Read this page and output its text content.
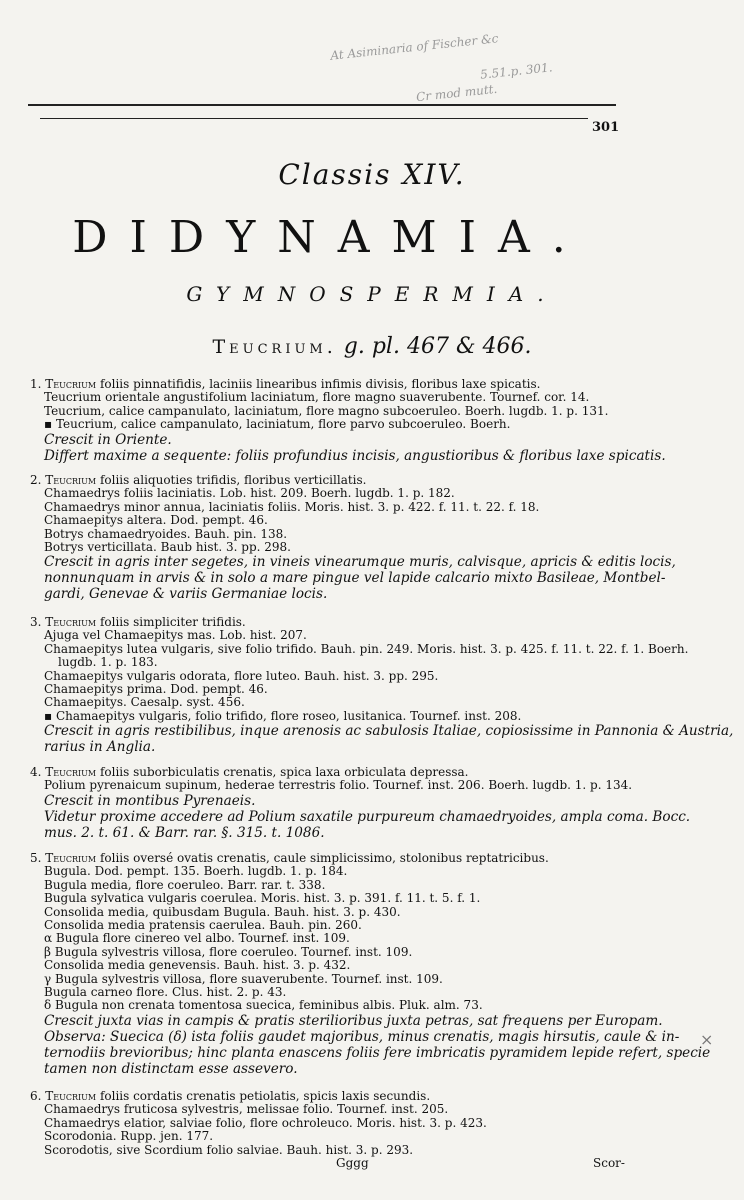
At Asiminaria of Fischer &c
5.51.p. 301.
Cr mod mutt.
301
Classis XIV.
DIDYNAMIA.
GYMNOSPERMIA.
Teucrium. g. pl. 467 & 466.
1. Teucrium foliis pinnatifidis, laciniis linearibus infimis divisis, floribus laxe spicatis.
Teucrium orientale angustifolium laciniatum, flore magno suaverubente. Tournef. cor. 14.
Teucrium, calice campanulato, laciniatum, flore magno subcoeruleo. Boerh. lugdb. 1. p. 131.
▪ Teucrium, calice campanulato, laciniatum, flore parvo subcoeruleo. Boerh.
Crescit in Oriente.
Differt maxime a sequente: foliis profundius incisis, angustioribus & floribus laxe spicatis.
2. Teucrium foliis aliquoties trifidis, floribus verticillatis.
Chamaedrys foliis laciniatis. Lob. hist. 209. Boerh. lugdb. 1. p. 182.
Chamaedrys minor annua, laciniatis foliis. Moris. hist. 3. p. 422. f. 11. t. 22. f. 18.
Chamaepitys altera. Dod. pempt. 46.
Botrys chamaedryoides. Bauh. pin. 138.
Botrys verticillata. Baub hist. 3. pp. 298.
Crescit in agris inter segetes, in vineis vinearumque muris, calvisque, apricis & editis locis,
nonnunquam in arvis & in solo a mare pingue vel lapide calcario mixto Basileae, Montbel-
gardi, Genevae & variis Germaniae locis.
3. Teucrium foliis simpliciter trifidis.
Ajuga vel Chamaepitys mas. Lob. hist. 207.
Chamaepitys lutea vulgaris, sive folio trifido. Bauh. pin. 249. Moris. hist. 3. p. 425. f. 11. t. 22. f. 1. Boerh.
lugdb. 1. p. 183.
Chamaepitys vulgaris odorata, flore luteo. Bauh. hist. 3. pp. 295.
Chamaepitys prima. Dod. pempt. 46.
Chamaepitys. Caesalp. syst. 456.
▪ Chamaepitys vulgaris, folio trifido, flore roseo, lusitanica. Tournef. inst. 208.
Crescit in agris restibilibus, inque arenosis ac sabulosis Italiae, copiosissime in Pannonia & Austria,
rarius in Anglia.
4. Teucrium foliis suborbiculatis crenatis, spica laxa orbiculata depressa.
Polium pyrenaicum supinum, hederae terrestris folio. Tournef. inst. 206. Boerh. lugdb. 1. p. 134.
Crescit in montibus Pyrenaeis.
Videtur proxime accedere ad Polium saxatile purpureum chamaedryoides, ampla coma. Bocc.
mus. 2. t. 61. & Barr. rar. §. 315. t. 1086.
5. Teucrium foliis oversé ovatis crenatis, caule simplicissimo, stolonibus reptatricibus.
Bugula. Dod. pempt. 135. Boerh. lugdb. 1. p. 184.
Bugula media, flore coeruleo. Barr. rar. t. 338.
Bugula sylvatica vulgaris coerulea. Moris. hist. 3. p. 391. f. 11. t. 5. f. 1.
Consolida media, quibusdam Bugula. Bauh. hist. 3. p. 430.
Consolida media pratensis caerulea. Bauh. pin. 260.
α Bugula flore cinereo vel albo. Tournef. inst. 109.
β Bugula sylvestris villosa, flore coeruleo. Tournef. inst. 109.
Consolida media genevensis. Bauh. hist. 3. p. 432.
γ Bugula sylvestris villosa, flore suaverubente. Tournef. inst. 109.
Bugula carneo flore. Clus. hist. 2. p. 43.
δ Bugula non crenata tomentosa suecica, feminibus albis. Pluk. alm. 73.
Crescit juxta vias in campis & pratis sterilioribus juxta petras, sat frequens per Europam.
Observa: Suecica (δ) ista foliis gaudet majoribus, minus crenatis, magis hirsutis, caule & in-
ternodiis brevioribus; hinc planta enascens foliis fere imbricatis pyramidem lepide refert, specie
tamen non distinctam esse assevero.
6. Teucrium foliis cordatis crenatis petiolatis, spicis laxis secundis.
Chamaedrys fruticosa sylvestris, melissae folio. Tournef. inst. 205.
Chamaedrys elatior, salviae folio, flore ochroleuco. Moris. hist. 3. p. 423.
Scorodonia. Rupp. jen. 177.
Scorodotis, sive Scordium folio salviae. Bauh. hist. 3. p. 293.
×
Gggg	Scor-
